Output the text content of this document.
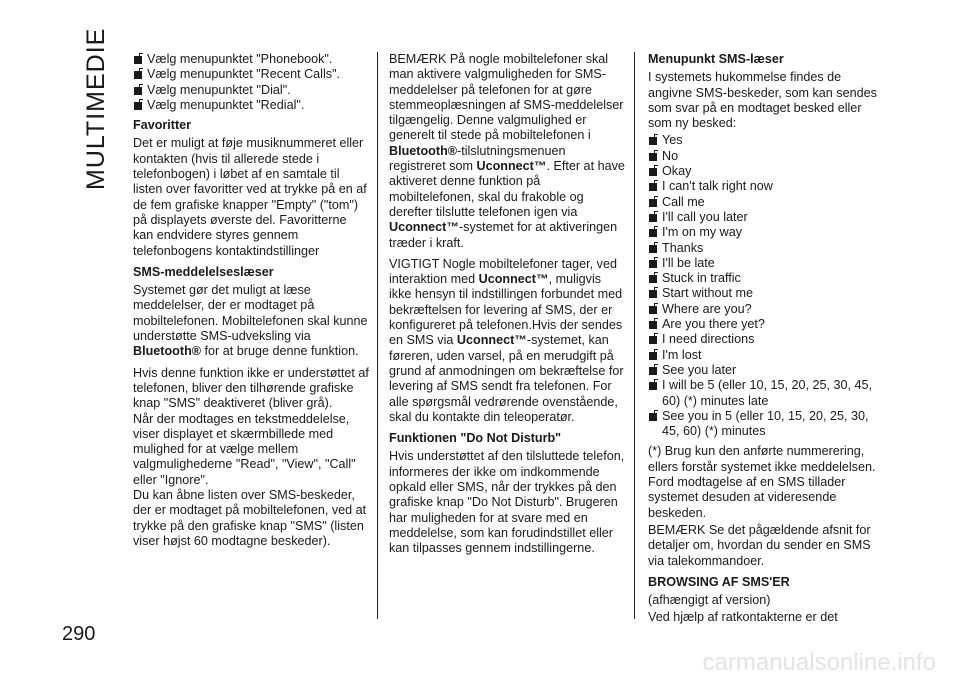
MULTIMEDIE
290
Vælg menupunktet "Phonebook".
Vælg menupunktet "Recent Calls".
Vælg menupunktet ''Dial".
Vælg menupunktet "Redial".
Favoritter

Det er muligt at føje musiknummeret eller kontakten (hvis til allerede stede i telefonbogen) i løbet af en samtale til listen over favoritter ved at trykke på en af de fem grafiske knapper "Empty" ("tom") på displayets øverste del. Favoritterne kan endvidere styres gennem telefonbogens kontaktindstillinger

SMS-meddelelseslæser

Systemet gør det muligt at læse meddelelser, der er modtaget på mobiltelefonen. Mobiltelefonen skal kunne understøtte SMS-udveksling via Bluetooth® for at bruge denne funktion.

Hvis denne funktion ikke er understøttet af telefonen, bliver den tilhørende grafiske knap "SMS" deaktiveret (bliver grå).

Når der modtages en tekstmeddelelse, viser displayet et skærmbillede med mulighed for at vælge mellem valgmulighederne "Read", "View", "Call" eller "Ignore".

Du kan åbne listen over SMS-beskeder, der er modtaget på mobiltelefonen, ved at trykke på den grafiske knap "SMS" (listen viser højst 60 modtagne beskeder).

BEMÆRK På nogle mobiltelefoner skal man aktivere valgmuligheden for SMS-meddelelser på telefonen for at gøre stemmeoplæsningen af SMS-meddelelser tilgængelig. Denne valgmulighed er generelt til stede på mobiltelefonen i Bluetooth®-tilslutningsmenuen registreret som Uconnect™. Efter at have aktiveret denne funktion på mobiltelefonen, skal du frakoble og derefter tilslutte telefonen igen via Uconnect™-systemet for at aktiveringen træder i kraft.

VIGTIGT Nogle mobiltelefoner tager, ved interaktion med Uconnect™, muligvis ikke hensyn til indstillingen forbundet med bekræftelsen for levering af SMS, der er konfigureret på telefonen.Hvis der sendes en SMS via Uconnect™-systemet, kan føreren, uden varsel, på en merudgift på grund af anmodningen om bekræftelse for levering af SMS sendt fra telefonen. For alle spørgsmål vedrørende ovenstående, skal du kontakte din teleoperatør.

Funktionen "Do Not Disturb"

Hvis understøttet af den tilsluttede telefon, informeres der ikke om indkommende opkald eller SMS, når der trykkes på den grafiske knap "Do Not Disturb". Brugeren har muligheden for at svare med en meddelelse, som kan forudindstillet eller kan tilpasses gennem indstillingerne.

Menupunkt SMS-læser

I systemets hukommelse findes de angivne SMS-beskeder, som kan sendes som svar på en modtaget besked eller som ny besked:

Yes
No
Okay
I can't talk right now
Call me
I'll call you later
I'm on my way
Thanks
I'll be late
Stuck in traffic
Start without me
Where are you?
Are you there yet?
I need directions
I'm lost
See you later
I will be 5 (eller 10, 15, 20, 25, 30, 45, 60) (*) minutes late
See you in 5 (eller 10, 15, 20, 25, 30, 45, 60) (*) minutes

(*) Brug kun den anførte nummerering, ellers forstår systemet ikke meddelelsen. Ford modtagelse af en SMS tillader systemet desuden at videresende beskeden.

BEMÆRK Se det pågældende afsnit for detaljer om, hvordan du sender en SMS via talekommandoer.

BROWSING AF SMS'ER

(afhængigt af version)

Ved hjælp af ratkontakterne er det

carmanualsonline.info
